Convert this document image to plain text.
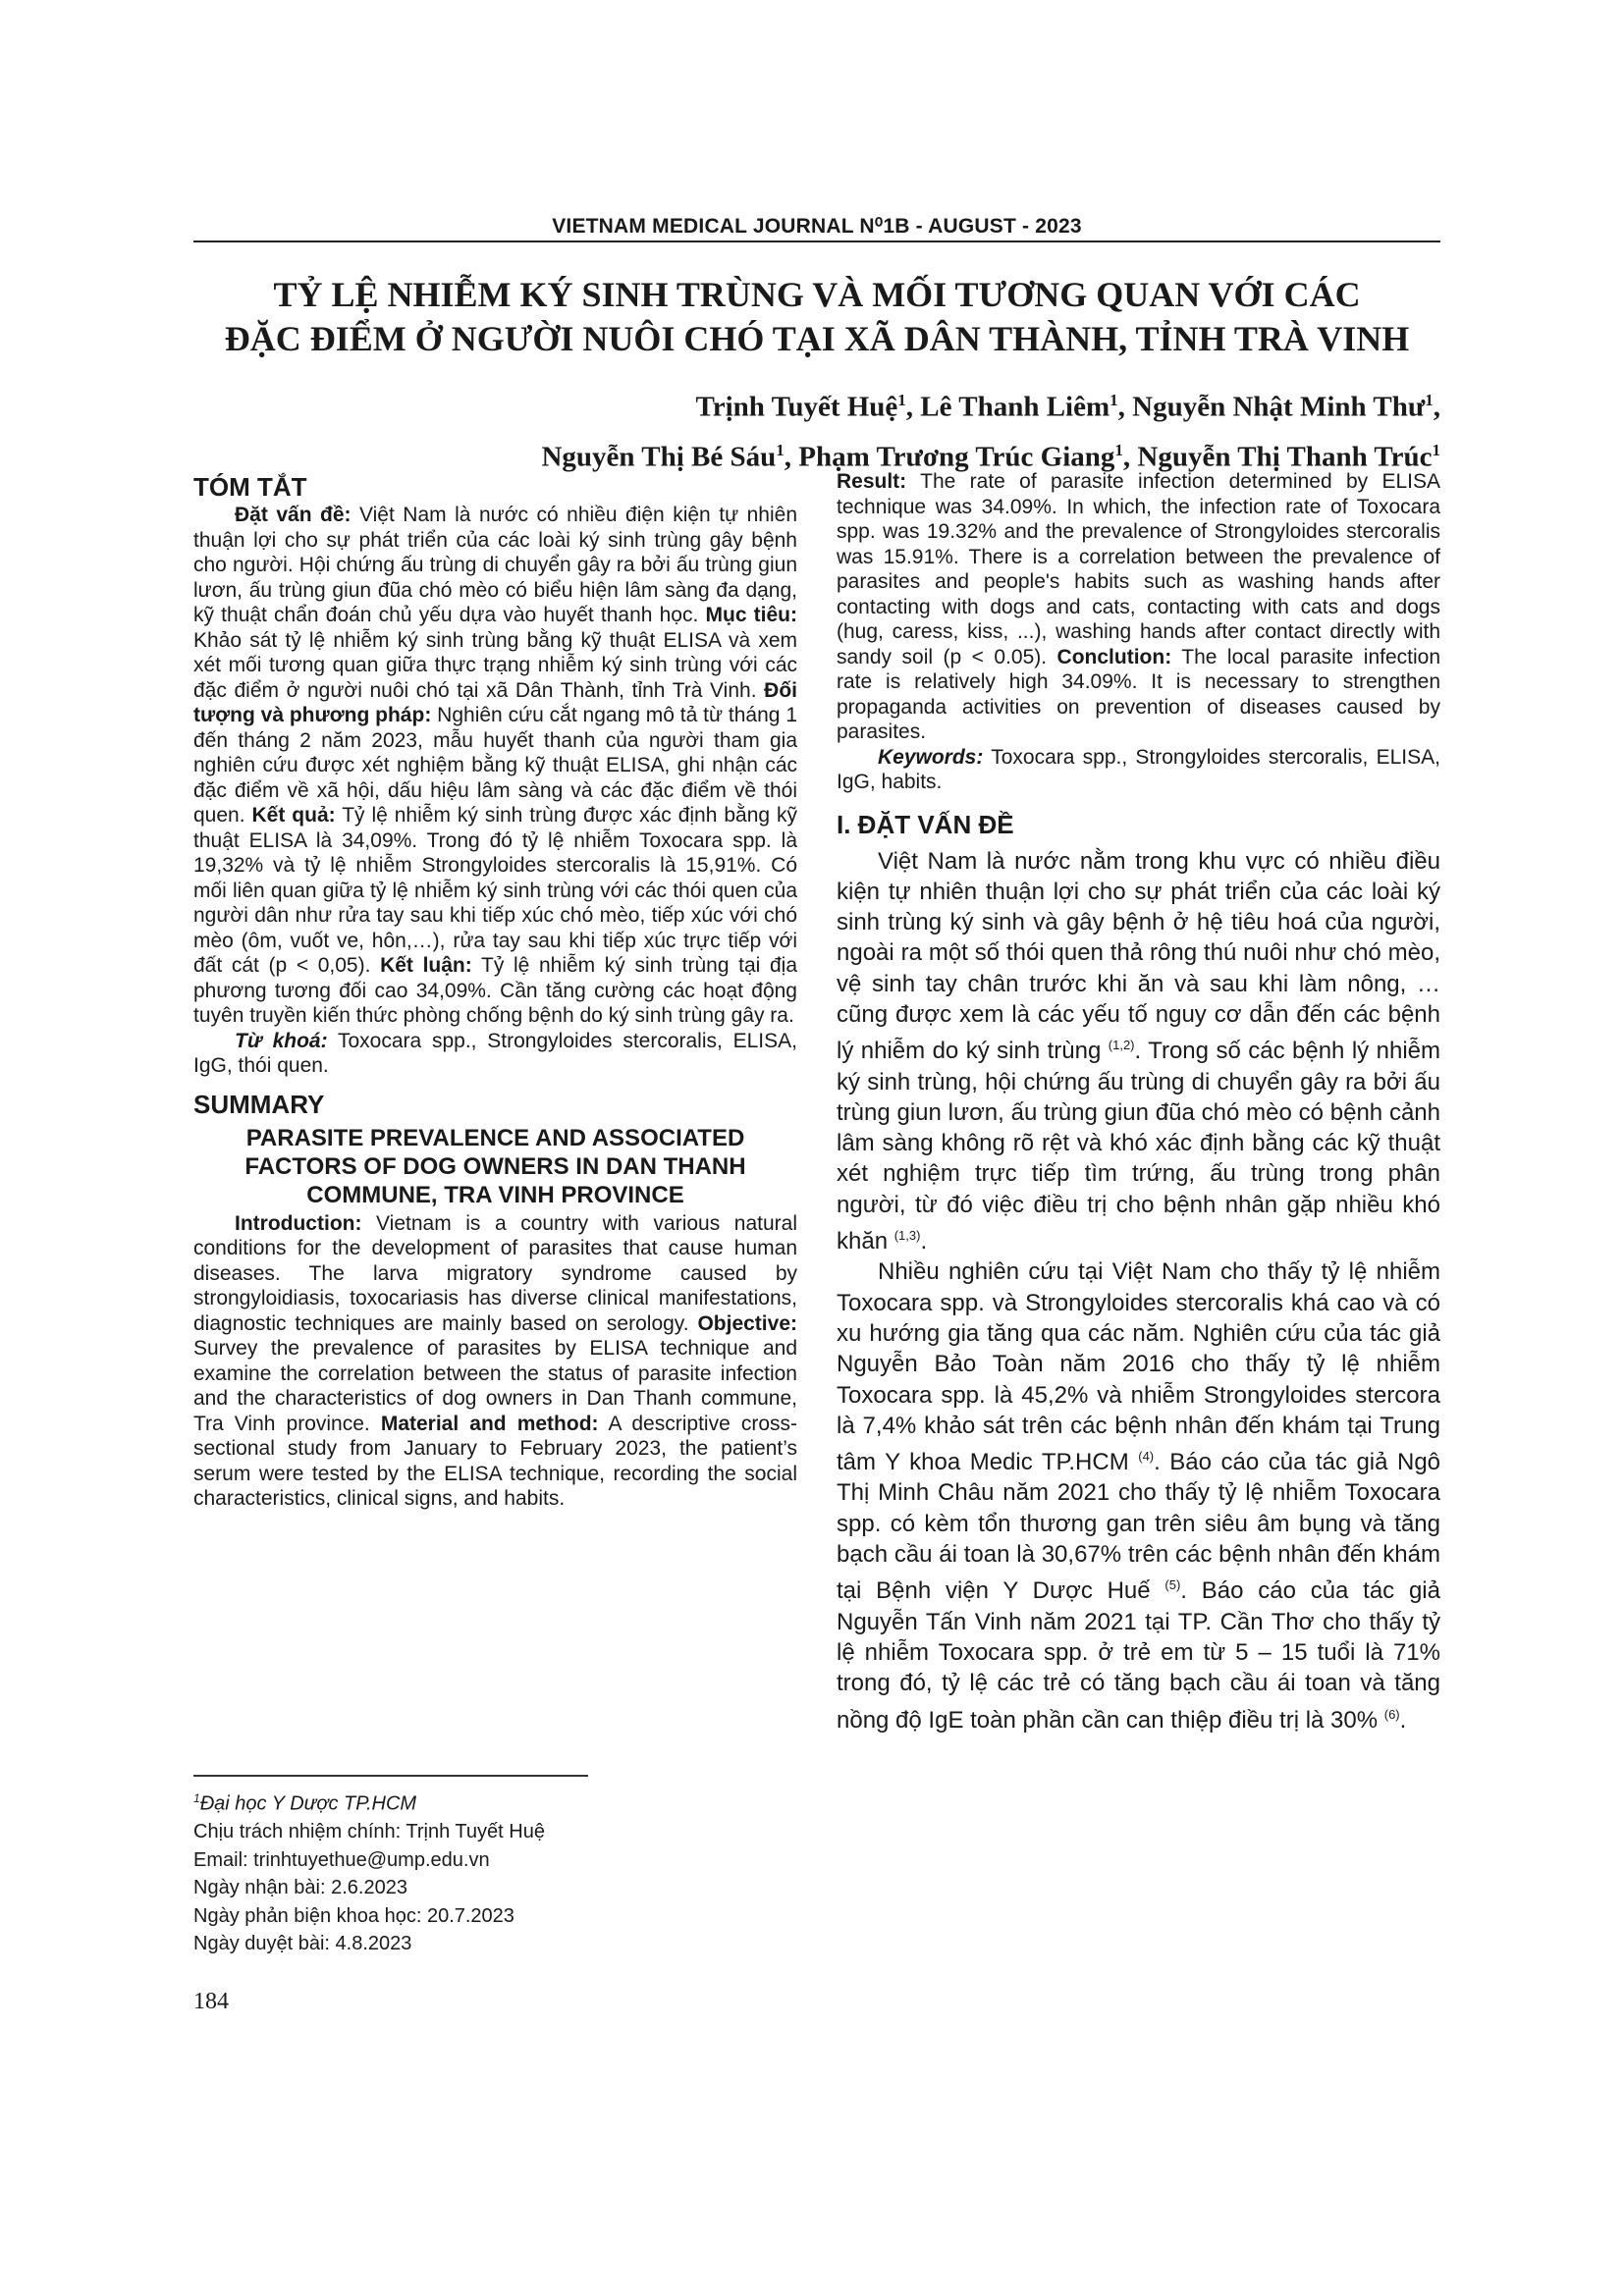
VIETNAM MEDICAL JOURNAL N⁰1B - AUGUST - 2023
TỶ LỆ NHIỄM KÝ SINH TRÙNG VÀ MỐI TƯƠNG QUAN VỚI CÁC
ĐẶC ĐIỂM Ở NGƯỜI NUÔI CHÓ TẠI XÃ DÂN THÀNH, TỈNH TRÀ VINH
Trịnh Tuyết Huệ$^1$, Lê Thanh Liêm$^1$, Nguyễn Nhật Minh Thư$^1$,
Nguyễn Thị Bé Sáu$^1$, Phạm Trương Trúc Giang$^1$, Nguyễn Thị Thanh Trúc$^1$
TÓM TẮT

Đặt vấn đề: Việt Nam là nước có nhiều điện kiện tự nhiên thuận lợi cho sự phát triển của các loài ký sinh trùng gây bệnh cho người. Hội chứng ấu trùng di chuyển gây ra bởi ấu trùng giun lươn, ấu trùng giun đũa chó mèo có biểu hiện lâm sàng đa dạng, kỹ thuật chẩn đoán chủ yếu dựa vào huyết thanh học. Mục tiêu: Khảo sát tỷ lệ nhiễm ký sinh trùng bằng kỹ thuật ELISA và xem xét mối tương quan giữa thực trạng nhiễm ký sinh trùng với các đặc điểm ở người nuôi chó tại xã Dân Thành, tỉnh Trà Vinh. Đối tượng và phương pháp: Nghiên cứu cắt ngang mô tả từ tháng 1 đến tháng 2 năm 2023, mẫu huyết thanh của người tham gia nghiên cứu được xét nghiệm bằng kỹ thuật ELISA, ghi nhận các đặc điểm về xã hội, dấu hiệu lâm sàng và các đặc điểm về thói quen. Kết quả: Tỷ lệ nhiễm ký sinh trùng được xác định bằng kỹ thuật ELISA là 34,09%. Trong đó tỷ lệ nhiễm Toxocara spp. là 19,32% và tỷ lệ nhiễm Strongyloides stercoralis là 15,91%. Có mối liên quan giữa tỷ lệ nhiễm ký sinh trùng với các thói quen của người dân như rửa tay sau khi tiếp xúc chó mèo, tiếp xúc với chó mèo (ôm, vuốt ve, hôn,…), rửa tay sau khi tiếp xúc trực tiếp với đất cát (p < 0,05). Kết luận: Tỷ lệ nhiễm ký sinh trùng tại địa phương tương đối cao 34,09%. Cần tăng cường các hoạt động tuyên truyền kiến thức phòng chống bệnh do ký sinh trùng gây ra.

Từ khoá: Toxocara spp., Strongyloides stercoralis, ELISA, IgG, thói quen.

SUMMARY
PARASITE PREVALENCE AND ASSOCIATED
FACTORS OF DOG OWNERS IN DAN THANH
COMMUNE, TRA VINH PROVINCE

Introduction: Vietnam is a country with various natural conditions for the development of parasites that cause human diseases. The larva migratory syndrome caused by strongyloidiasis, toxocariasis has diverse clinical manifestations, diagnostic techniques are mainly based on serology. Objective: Survey the prevalence of parasites by ELISA technique and examine the correlation between the status of parasite infection and the characteristics of dog owners in Dan Thanh commune, Tra Vinh province. Material and method: A descriptive cross-sectional study from January to February 2023, the patient’s serum were tested by the ELISA technique, recording the social characteristics, clinical signs, and habits.

$^1$Đại học Y Dược TP.HCM

Chịu trách nhiệm chính: Trịnh Tuyết Huệ

Email: trinhtuyethue@ump.edu.vn

Ngày nhận bài: 2.6.2023

Ngày phản biện khoa học: 20.7.2023

Ngày duyệt bài: 4.8.2023

184

Result: The rate of parasite infection determined by ELISA technique was 34.09%. In which, the infection rate of Toxocara spp. was 19.32% and the prevalence of Strongyloides stercoralis was 15.91%. There is a correlation between the prevalence of parasites and people's habits such as washing hands after contacting with dogs and cats, contacting with cats and dogs (hug, caress, kiss, ...), washing hands after contact directly with sandy soil (p < 0.05). Conclution: The local parasite infection rate is relatively high 34.09%. It is necessary to strengthen propaganda activities on prevention of diseases caused by parasites.

Keywords: Toxocara spp., Strongyloides stercoralis, ELISA, IgG, habits.

I. ĐẶT VẤN ĐỀ

Việt Nam là nước nằm trong khu vực có nhiều điều kiện tự nhiên thuận lợi cho sự phát triển của các loài ký sinh trùng ký sinh và gây bệnh ở hệ tiêu hoá của người, ngoài ra một số thói quen thả rông thú nuôi như chó mèo, vệ sinh tay chân trước khi ăn và sau khi làm nông, … cũng được xem là các yếu tố nguy cơ dẫn đến các bệnh lý nhiễm do ký sinh trùng $^{(1,2)}$. Trong số các bệnh lý nhiễm ký sinh trùng, hội chứng ấu trùng di chuyển gây ra bởi ấu trùng giun lươn, ấu trùng giun đũa chó mèo có bệnh cảnh lâm sàng không rõ rệt và khó xác định bằng các kỹ thuật xét nghiệm trực tiếp tìm trứng, ấu trùng trong phân người, từ đó việc điều trị cho bệnh nhân gặp nhiều khó khăn $^{(1,3)}$.

Nhiều nghiên cứu tại Việt Nam cho thấy tỷ lệ nhiễm Toxocara spp. và Strongyloides stercoralis khá cao và có xu hướng gia tăng qua các năm. Nghiên cứu của tác giả Nguyễn Bảo Toàn năm 2016 cho thấy tỷ lệ nhiễm Toxocara spp. là 45,2% và nhiễm Strongyloides stercora là 7,4% khảo sát trên các bệnh nhân đến khám tại Trung tâm Y khoa Medic TP.HCM $^{(4)}$. Báo cáo của tác giả Ngô Thị Minh Châu năm 2021 cho thấy tỷ lệ nhiễm Toxocara spp. có kèm tổn thương gan trên siêu âm bụng và tăng bạch cầu ái toan là 30,67% trên các bệnh nhân đến khám tại Bệnh viện Y Dược Huế $^{(5)}$. Báo cáo của tác giả Nguyễn Tấn Vinh năm 2021 tại TP. Cần Thơ cho thấy tỷ lệ nhiễm Toxocara spp. ở trẻ em từ 5 – 15 tuổi là 71% trong đó, tỷ lệ các trẻ có tăng bạch cầu ái toan và tăng nồng độ IgE toàn phần cần can thiệp điều trị là 30% $^{(6)}$.
